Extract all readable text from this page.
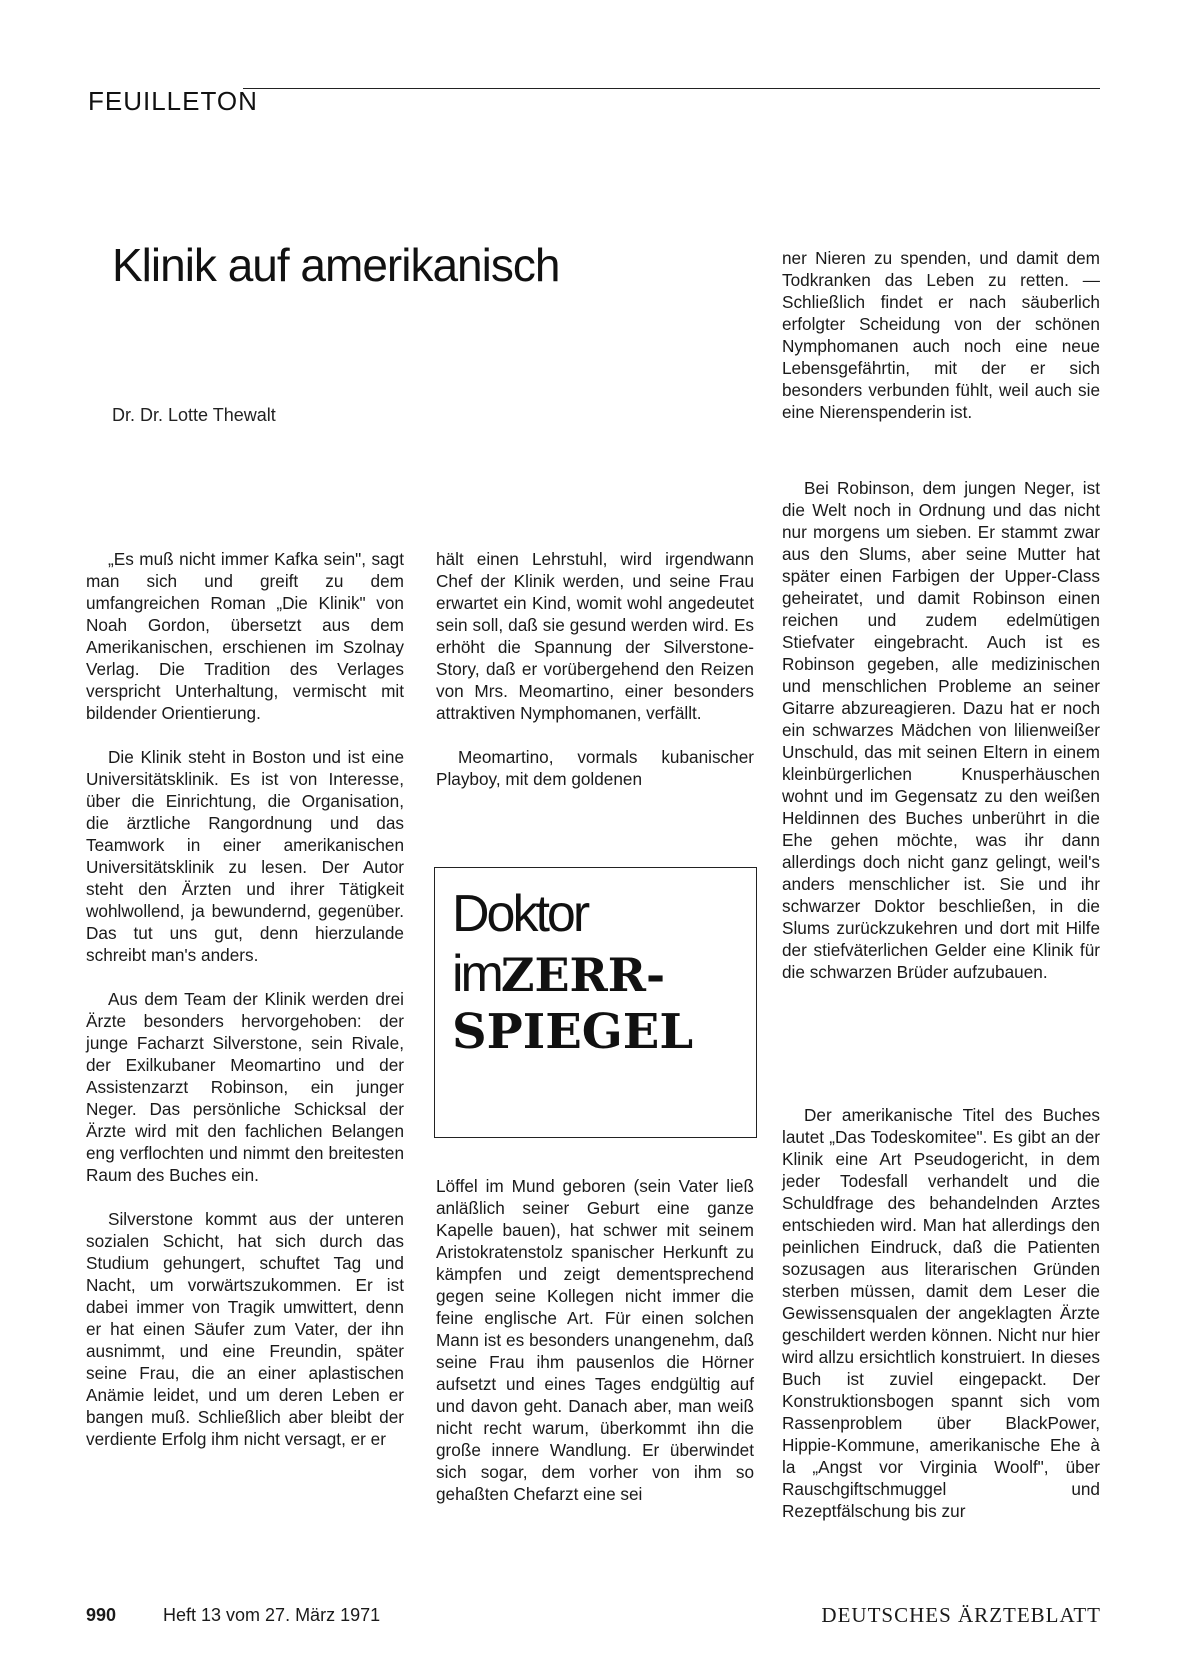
FEUILLETON
Klinik auf amerikanisch
Dr. Dr. Lotte Thewalt

„Es muß nicht immer Kafka sein", sagt man sich und greift zu dem umfangreichen Roman „Die Klinik" von Noah Gordon, übersetzt aus dem Amerikanischen, erschienen im Szolnay Verlag. Die Tradition des Verlages verspricht Unterhaltung, vermischt mit bildender Orientierung.

Die Klinik steht in Boston und ist eine Universitätsklinik. Es ist von Interesse, über die Einrichtung, die Organisation, die ärztliche Rangordnung und das Teamwork in einer amerikanischen Universitätsklinik zu lesen. Der Autor steht den Ärzten und ihrer Tätigkeit wohlwollend, ja bewundernd, gegenüber. Das tut uns gut, denn hierzulande schreibt man's anders.

Aus dem Team der Klinik werden drei Ärzte besonders hervorgehoben: der junge Facharzt Silverstone, sein Rivale, der Exilkubaner Meomartino und der Assistenzarzt Robinson, ein junger Neger. Das persönliche Schicksal der Ärzte wird mit den fachlichen Belangen eng verflochten und nimmt den breitesten Raum des Buches ein.

Silverstone kommt aus der unteren sozialen Schicht, hat sich durch das Studium gehungert, schuftet Tag und Nacht, um vorwärtszukommen. Er ist dabei immer von Tragik umwittert, denn er hat einen Säufer zum Vater, der ihn ausnimmt, und eine Freundin, später seine Frau, die an einer aplastischen Anämie leidet, und um deren Leben er bangen muß. Schließlich aber bleibt der verdiente Erfolg ihm nicht versagt, er er

hält einen Lehrstuhl, wird irgendwann Chef der Klinik werden, und seine Frau erwartet ein Kind, womit wohl angedeutet sein soll, daß sie gesund werden wird. Es erhöht die Spannung der Silverstone-Story, daß er vorübergehend den Reizen von Mrs. Meomartino, einer besonders attraktiven Nymphomanen, verfällt.

Meomartino, vormals kubanischer Playboy, mit dem goldenen

Doktor
imZERR-
SPIEGEL

Löffel im Mund geboren (sein Vater ließ anläßlich seiner Geburt eine ganze Kapelle bauen), hat schwer mit seinem Aristokratenstolz spanischer Herkunft zu kämpfen und zeigt dementsprechend gegen seine Kollegen nicht immer die feine englische Art. Für einen solchen Mann ist es besonders unangenehm, daß seine Frau ihm pausenlos die Hörner aufsetzt und eines Tages endgültig auf und davon geht. Danach aber, man weiß nicht recht warum, überkommt ihn die große innere Wandlung. Er überwindet sich sogar, dem vorher von ihm so gehaßten Chefarzt eine sei

ner Nieren zu spenden, und damit dem Todkranken das Leben zu retten. — Schließlich findet er nach säuberlich erfolgter Scheidung von der schönen Nymphomanen auch noch eine neue Lebensgefährtin, mit der er sich besonders verbunden fühlt, weil auch sie eine Nierenspenderin ist.

Bei Robinson, dem jungen Neger, ist die Welt noch in Ordnung und das nicht nur morgens um sieben. Er stammt zwar aus den Slums, aber seine Mutter hat später einen Farbigen der Upper-Class geheiratet, und damit Robinson einen reichen und zudem edelmütigen Stiefvater eingebracht. Auch ist es Robinson gegeben, alle medizinischen und menschlichen Probleme an seiner Gitarre abzureagieren. Dazu hat er noch ein schwarzes Mädchen von lilienweißer Unschuld, das mit seinen Eltern in einem kleinbürgerlichen Knusperhäuschen wohnt und im Gegensatz zu den weißen Heldinnen des Buches unberührt in die Ehe gehen möchte, was ihr dann allerdings doch nicht ganz gelingt, weil's anders menschlicher ist. Sie und ihr schwarzer Doktor beschließen, in die Slums zurückzukehren und dort mit Hilfe der stiefväterlichen Gelder eine Klinik für die schwarzen Brüder aufzubauen.

Der amerikanische Titel des Buches lautet „Das Todeskomitee". Es gibt an der Klinik eine Art Pseudogericht, in dem jeder Todesfall verhandelt und die Schuldfrage des behandelnden Arztes entschieden wird. Man hat allerdings den peinlichen Eindruck, daß die Patienten sozusagen aus literarischen Gründen sterben müssen, damit dem Leser die Gewissensqualen der angeklagten Ärzte geschildert werden können. Nicht nur hier wird allzu ersichtlich konstruiert. In dieses Buch ist zuviel eingepackt. Der Konstruktionsbogen spannt sich vom Rassenproblem über BlackPower, Hippie-Kommune, amerikanische Ehe à la „Angst vor Virginia Woolf", über Rauschgiftschmuggel und Rezeptfälschung bis zur

990	Heft 13 vom 27. März 1971	DEUTSCHES ÄRZTEBLATT
